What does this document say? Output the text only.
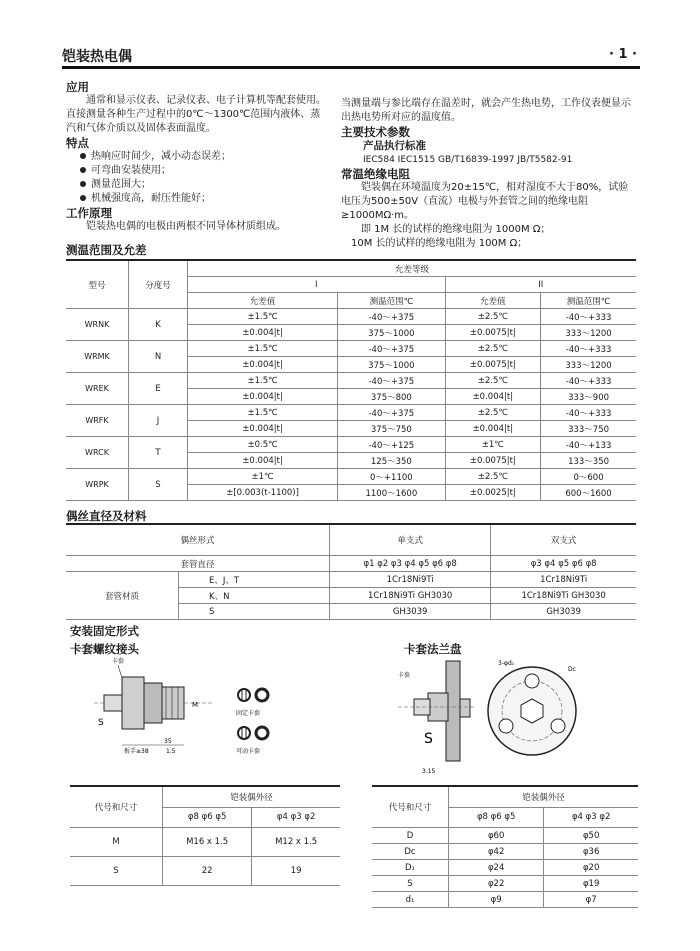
铠装热电偶	· 1 ·
应用
通常和显示仪表、记录仪表、电子计算机等配套使用。直接测量各种生产过程中的0℃～1300℃范围内液体、蒸汽和气体介质以及固体表面温度。
特点
热响应时间少，减小动态误差；
可弯曲安装使用；
测量范围大；
机械强度高，耐压性能好；
工作原理
铠装热电偶的电极由两根不同导体材质组成。
当测量端与参比端存在温差时，就会产生热电势，工作仪表便显示出热电势所对应的温度值。
主要技术参数
产品执行标准
IEC584 IEC1515 GB/T16839-1997 JB/T5582-91
常温绝缘电阻
铠装偶在环境温度为20±15℃，相对湿度不大于80%，试验电压为500±50V（直流）电极与外套管之间的绝缘电阻≥1000MΩ·m。
即 1M 长的试样的绝缘电阻为 1000M Ω；
10M 长的试样的绝缘电阻为 100M Ω；
测温范围及允差
型号	分度号	允差等级			
		I		II	
		允差值	测温范围℃	允差值	测温范围℃
WRNK	K	±1.5℃	-40～+375	±2.5℃	-40～+333
		±0.004|t|	375～1000	±0.0075|t|	333～1200
WRMK	N	±1.5℃	-40～+375	±2.5℃	-40～+333
		±0.004|t|	375～1000	±0.0075|t|	333～1200
WREK	E	±1.5℃	-40～+375	±2.5℃	-40～+333
		±0.004|t|	375～800	±0.004|t|	333～900
WRFK	J	±1.5℃	-40～+375	±2.5℃	-40～+333
		±0.004|t|	375～750	±0.004|t|	333～750
WRCK	T	±0.5℃	-40～+125	±1℃	-40～+133
		±0.004|t|	125～350	±0.0075|t|	133～350
WRPK	S	±1℃	0～+1100	±2.5℃	0～600
		±[0.003(t-1100)]	1100～1600	±0.0025|t|	600～1600
偶丝直径及材料
偶丝形式		单支式	双支式
套管直径		φ1 φ2 φ3 φ4 φ5 φ6 φ8	φ3 φ4 φ5 φ6 φ8
套管材质	E、J、T	1Cr18Ni9Ti	1Cr18Ni9Ti
	K、N	1Cr18Ni9Ti GH3030	1Cr18Ni9Ti GH3030
	S	GH3039	GH3039
安装固定形式
卡套螺纹接头	卡套法兰盘
卡套
M
扳手≥38
35
1.5
S
固定卡套
可动卡套
卡套
S
3.15
3-φd₁
Dc
代号和尺寸	铠装偶外径	
	φ8 φ6 φ5	φ4 φ3 φ2
M	M16 x 1.5	M12 x 1.5
S	22	19
代号和尺寸	铠装偶外径	
	φ8 φ6 φ5	φ4 φ3 φ2
D	φ60	φ50
Dc	φ42	φ36
D₁	φ24	φ20
S	φ22	φ19
d₁	φ9	φ7
